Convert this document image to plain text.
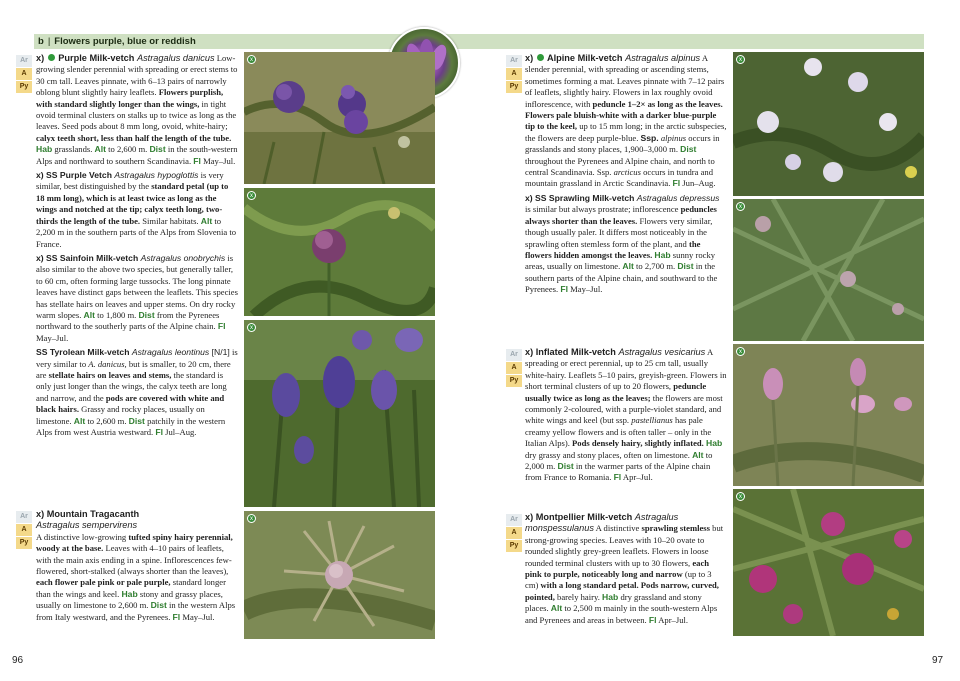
b | Flowers purple, blue or reddish
Ar
A
Py

x) Purple Milk-vetch Astragalus danicus Low-growing slender perennial with spreading or erect stems to 30 cm tall. Leaves pinnate, with 6–13 pairs of narrowly oblong blunt slightly hairy leaflets. Flowers purplish, with standard slightly longer than the wings, in tight ovoid terminal clusters on stalks up to twice as long as the leaves. Seed pods about 8 mm long, ovoid, white-hairy; calyx teeth short, less than half the length of the tube. Hab grasslands. Alt to 2,600 m. Dist in the south-western Alps and northward to southern Scandinavia. Fl May–Jul.

x) SS Purple Vetch Astragalus hypoglottis is very similar, best distinguished by the standard petal (up to 18 mm long), which is at least twice as long as the wings and notched at the tip; calyx teeth long, two-thirds the length of the tube. Similar habitats. Alt to 2,200 m in the southern parts of the Alps from Slovenia to France.

x) SS Sainfoin Milk-vetch Astragalus onobrychis is also similar to the above two species, but generally taller, to 60 cm, often forming large tussocks. The long pinnate leaves have distinct gaps between the leaflets. This species has stellate hairs on leaves and upper stems. On dry rocky warm slopes. Alt to 1,800 m. Dist from the Pyrenees northward to the southerly parts of the Alpine chain. Fl May–Jul.

SS Tyrolean Milk-vetch Astragalus leontinus [N/1] is very similar to A. danicus, but is smaller, to 20 cm, there are stellate hairs on leaves and stems, the standard is only just longer than the wings, the calyx teeth are long and narrow, and the pods are covered with white and black hairs. Grassy and rocky places, usually on limestone. Alt to 2,600 m. Dist patchily in the western Alps from west Austria westward. Fl Jul–Aug.

Ar
A
Py

x) Mountain Tragacanth
Astragalus sempervirens
A distinctive low-growing tufted spiny hairy perennial, woody at the base. Leaves with 4–10 pairs of leaflets, with the main axis ending in a spine. Inflorescences few-flowered, short-stalked (always shorter than the leaves), each flower pale pink or pale purple, standard longer than the wings and keel. Hab stony and grassy places, usually on limestone to 2,600 m. Dist in the western Alps from Italy westward, and the Pyrenees. Fl May–Jul.

x
x
x
x
Ar
A
Py

x) Alpine Milk-vetch Astragalus alpinus A slender perennial, with spreading or ascending stems, sometimes forming a mat. Leaves pinnate with 7–12 pairs of leaflets, slightly hairy. Flowers in lax roughly ovoid inflorescence, with peduncle 1–2× as long as the leaves. Flowers pale bluish-white with a darker blue-purple tip to the keel, up to 15 mm long; in the arctic subspecies, the flowers are deep purple-blue. Ssp. alpinus occurs in grasslands and stony places, 1,900–3,000 m. Dist throughout the Pyrenees and Alpine chain, and north to central Scandinavia. Ssp. arcticus occurs in tundra and mountain grassland in Arctic Scandinavia. Fl Jun–Aug.

x) SS Sprawling Milk-vetch Astragalus depressus is similar but always prostrate; inflorescence peduncles always shorter than the leaves. Flowers very similar, though usually paler. It differs most noticeably in the sprawling often stemless form of the plant, and the flowers hidden amongst the leaves. Hab sunny rocky areas, usually on limestone. Alt to 2,700 m. Dist in the southern parts of the Alpine chain, and southward to the Pyrenees. Fl May–Jul.

Ar
A
Py

x) Inflated Milk-vetch Astragalus vesicarius A spreading or erect perennial, up to 25 cm tall, usually white-hairy. Leaflets 5–10 pairs, greyish-green. Flowers in short terminal clusters of up to 20 flowers, peduncle usually twice as long as the leaves; the flowers are most commonly 2-coloured, with a purple-violet standard, and white wings and keel (but ssp. pastellianus has pale creamy yellow flowers and is often taller – only in the Italian Alps). Pods densely hairy, slightly inflated. Hab dry grassy and stony places, often on limestone. Alt to 2,000 m. Dist in the warmer parts of the Alpine chain from France to Romania. Fl Apr–Jul.

Ar
A
Py

x) Montpellier Milk-vetch Astragalus monspessulanus A distinctive sprawling stemless but strong-growing species. Leaves with 10–20 ovate to rounded slightly grey-green leaflets. Flowers in loose rounded terminal clusters with up to 30 flowers, each pink to purple, noticeably long and narrow (up to 3 cm) with a long standard petal. Pods narrow, curved, pointed, barely hairy. Hab dry grassland and stony places. Alt to 2,500 m mainly in the south-western Alps and Pyrenees and areas in between. Fl Apr–Jul.

x
x
x
x
96	97
